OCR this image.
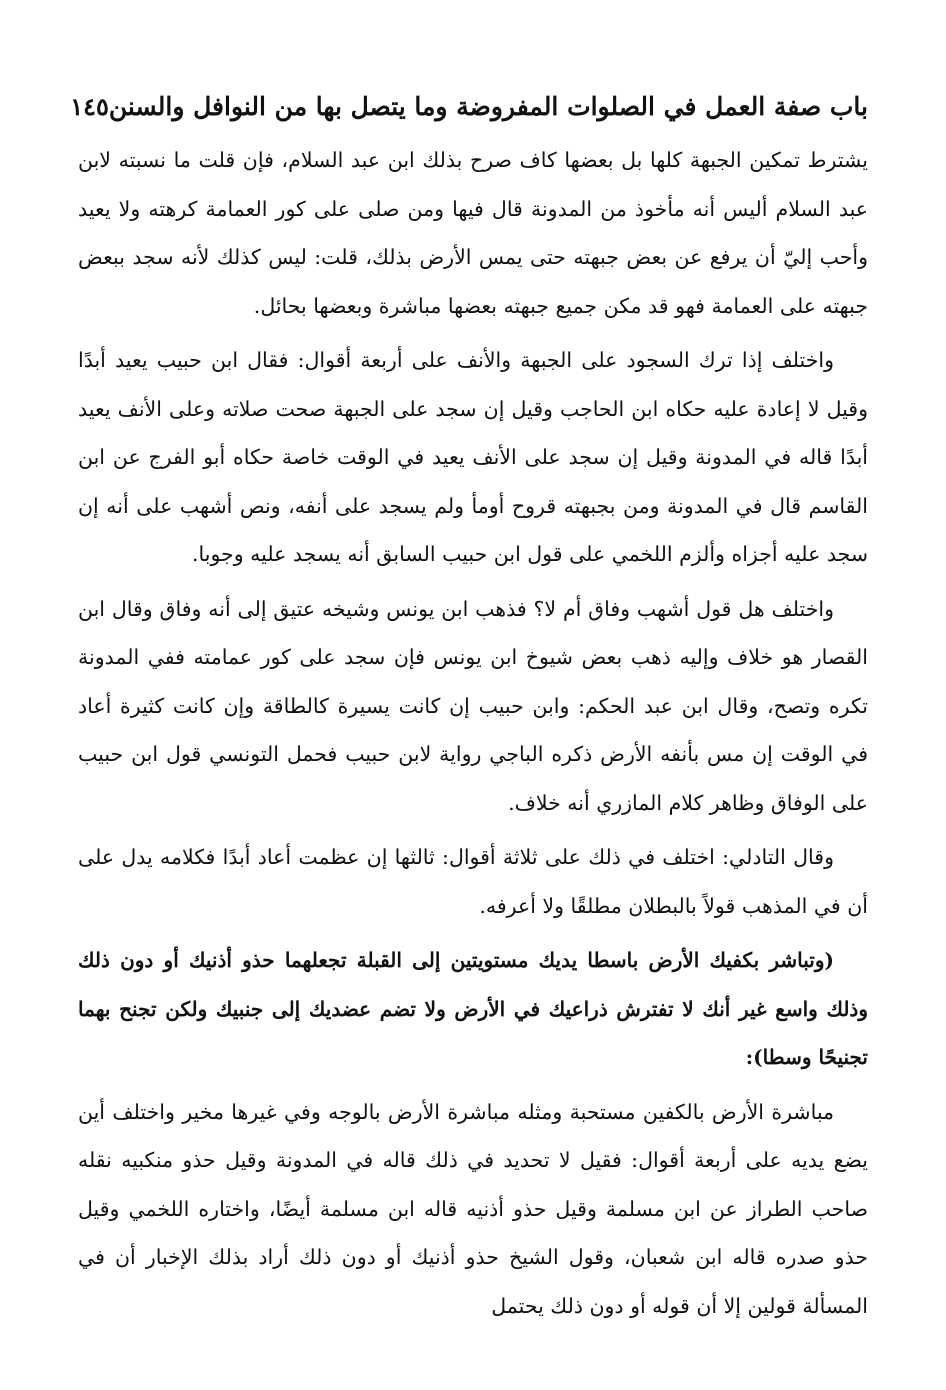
باب صفة العمل في الصلوات المفروضة وما يتصل بها من النوافل والسنن
١٤٥

يشترط تمكين الجبهة كلها بل بعضها كاف صرح بذلك ابن عبد السلام، فإن قلت ما نسبته لابن عبد السلام أليس أنه مأخوذ من المدونة قال فيها ومن صلى على كور العمامة كرهته ولا يعيد وأحب إليّ أن يرفع عن بعض جبهته حتى يمس الأرض بذلك، قلت: ليس كذلك لأنه سجد ببعض جبهته على العمامة فهو قد مكن جميع جبهته بعضها مباشرة وبعضها بحائل.

واختلف إذا ترك السجود على الجبهة والأنف على أربعة أقوال: فقال ابن حبيب يعيد أبدًا وقيل لا إعادة عليه حكاه ابن الحاجب وقيل إن سجد على الجبهة صحت صلاته وعلى الأنف يعيد أبدًا قاله في المدونة وقيل إن سجد على الأنف يعيد في الوقت خاصة حكاه أبو الفرج عن ابن القاسم قال في المدونة ومن بجبهته قروح أومأ ولم يسجد على أنفه، ونص أشهب على أنه إن سجد عليه أجزاه وألزم اللخمي على قول ابن حبيب السابق أنه يسجد عليه وجوبا.

واختلف هل قول أشهب وفاق أم لا؟ فذهب ابن يونس وشيخه عتيق إلى أنه وفاق وقال ابن القصار هو خلاف وإليه ذهب بعض شيوخ ابن يونس فإن سجد على كور عمامته ففي المدونة تكره وتصح، وقال ابن عبد الحكم: وابن حبيب إن كانت يسيرة كالطاقة وإن كانت كثيرة أعاد في الوقت إن مس بأنفه الأرض ذكره الباجي رواية لابن حبيب فحمل التونسي قول ابن حبيب على الوفاق وظاهر كلام المازري أنه خلاف.

وقال التادلي: اختلف في ذلك على ثلاثة أقوال: ثالثها إن عظمت أعاد أبدًا فكلامه يدل على أن في المذهب قولاً بالبطلان مطلقًا ولا أعرفه.

(وتباشر بكفيك الأرض باسطا يديك مستويتين إلى القبلة تجعلهما حذو أذنيك أو دون ذلك وذلك واسع غير أنك لا تفترش ذراعيك في الأرض ولا تضم عضديك إلى جنبيك ولكن تجنح بهما تجنيحًا وسطا):

مباشرة الأرض بالكفين مستحبة ومثله مباشرة الأرض بالوجه وفي غيرها مخير واختلف أين يضع يديه على أربعة أقوال: فقيل لا تحديد في ذلك قاله في المدونة وقيل حذو منكبيه نقله صاحب الطراز عن ابن مسلمة وقيل حذو أذنيه قاله ابن مسلمة أيضًا، واختاره اللخمي وقيل حذو صدره قاله ابن شعبان، وقول الشيخ حذو أذنيك أو دون ذلك أراد بذلك الإخبار أن في المسألة قولين إلا أن قوله أو دون ذلك يحتمل
